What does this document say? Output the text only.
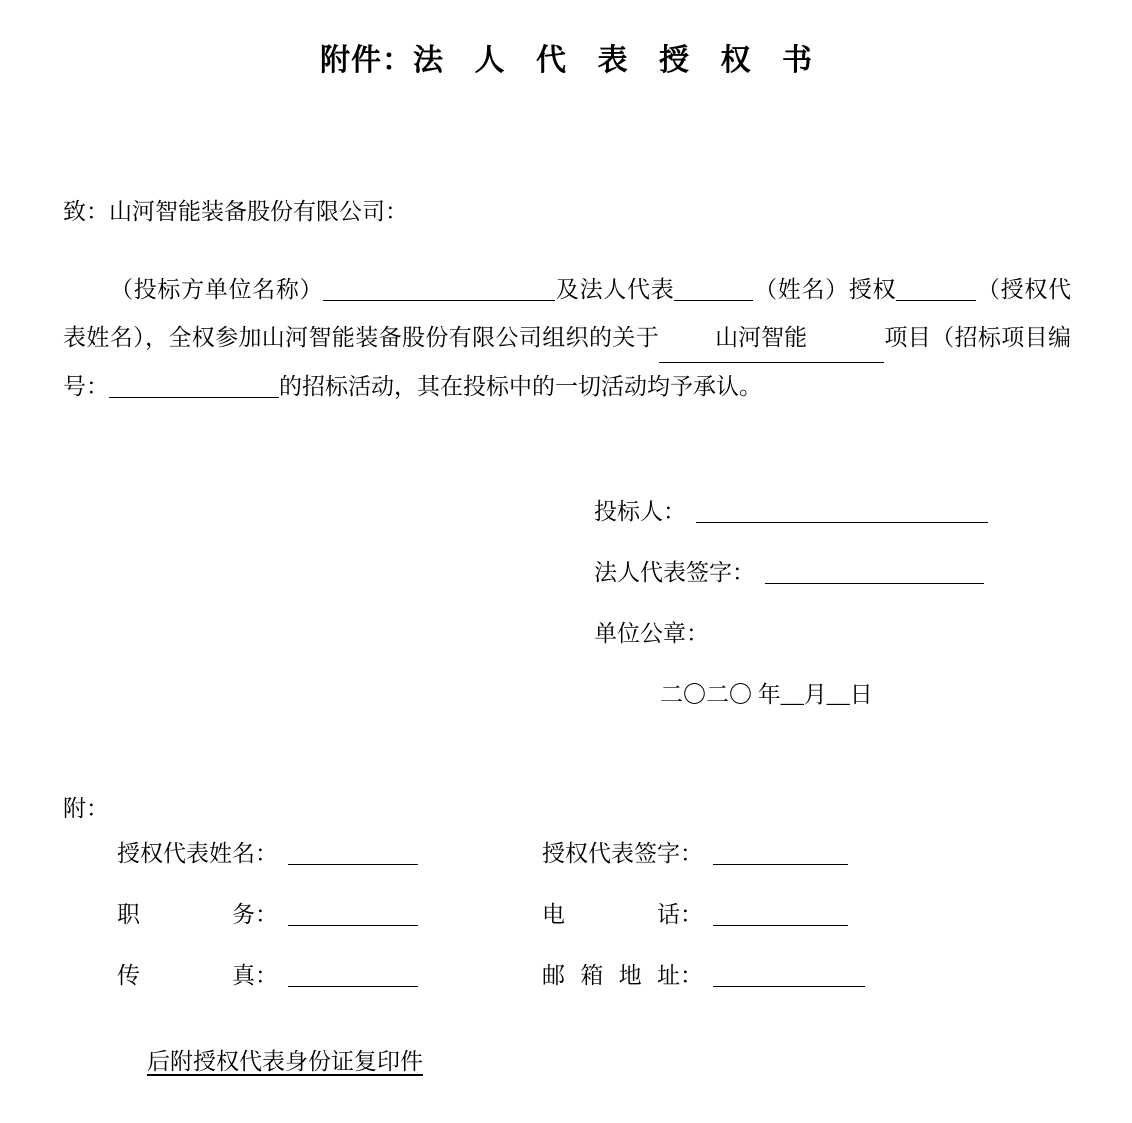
附件：法 人 代 表 授 权 书
致：山河智能装备股份有限公司：

（投标方单位名称）	及法人代表	（姓名）授权	（授权代表姓名），全权参加山河智能装备股份有限公司组织的关于 山河智能	项目（招标项目编号：	的招标活动，其在投标中的一切活动均予承认。

投标人：
法人代表签字：
单位公章：
二〇二〇 年__月__日
附：
授权代表姓名：	授权代表签字：
职务：	电话：
传真：	邮箱地址：
后附授权代表身份证复印件
